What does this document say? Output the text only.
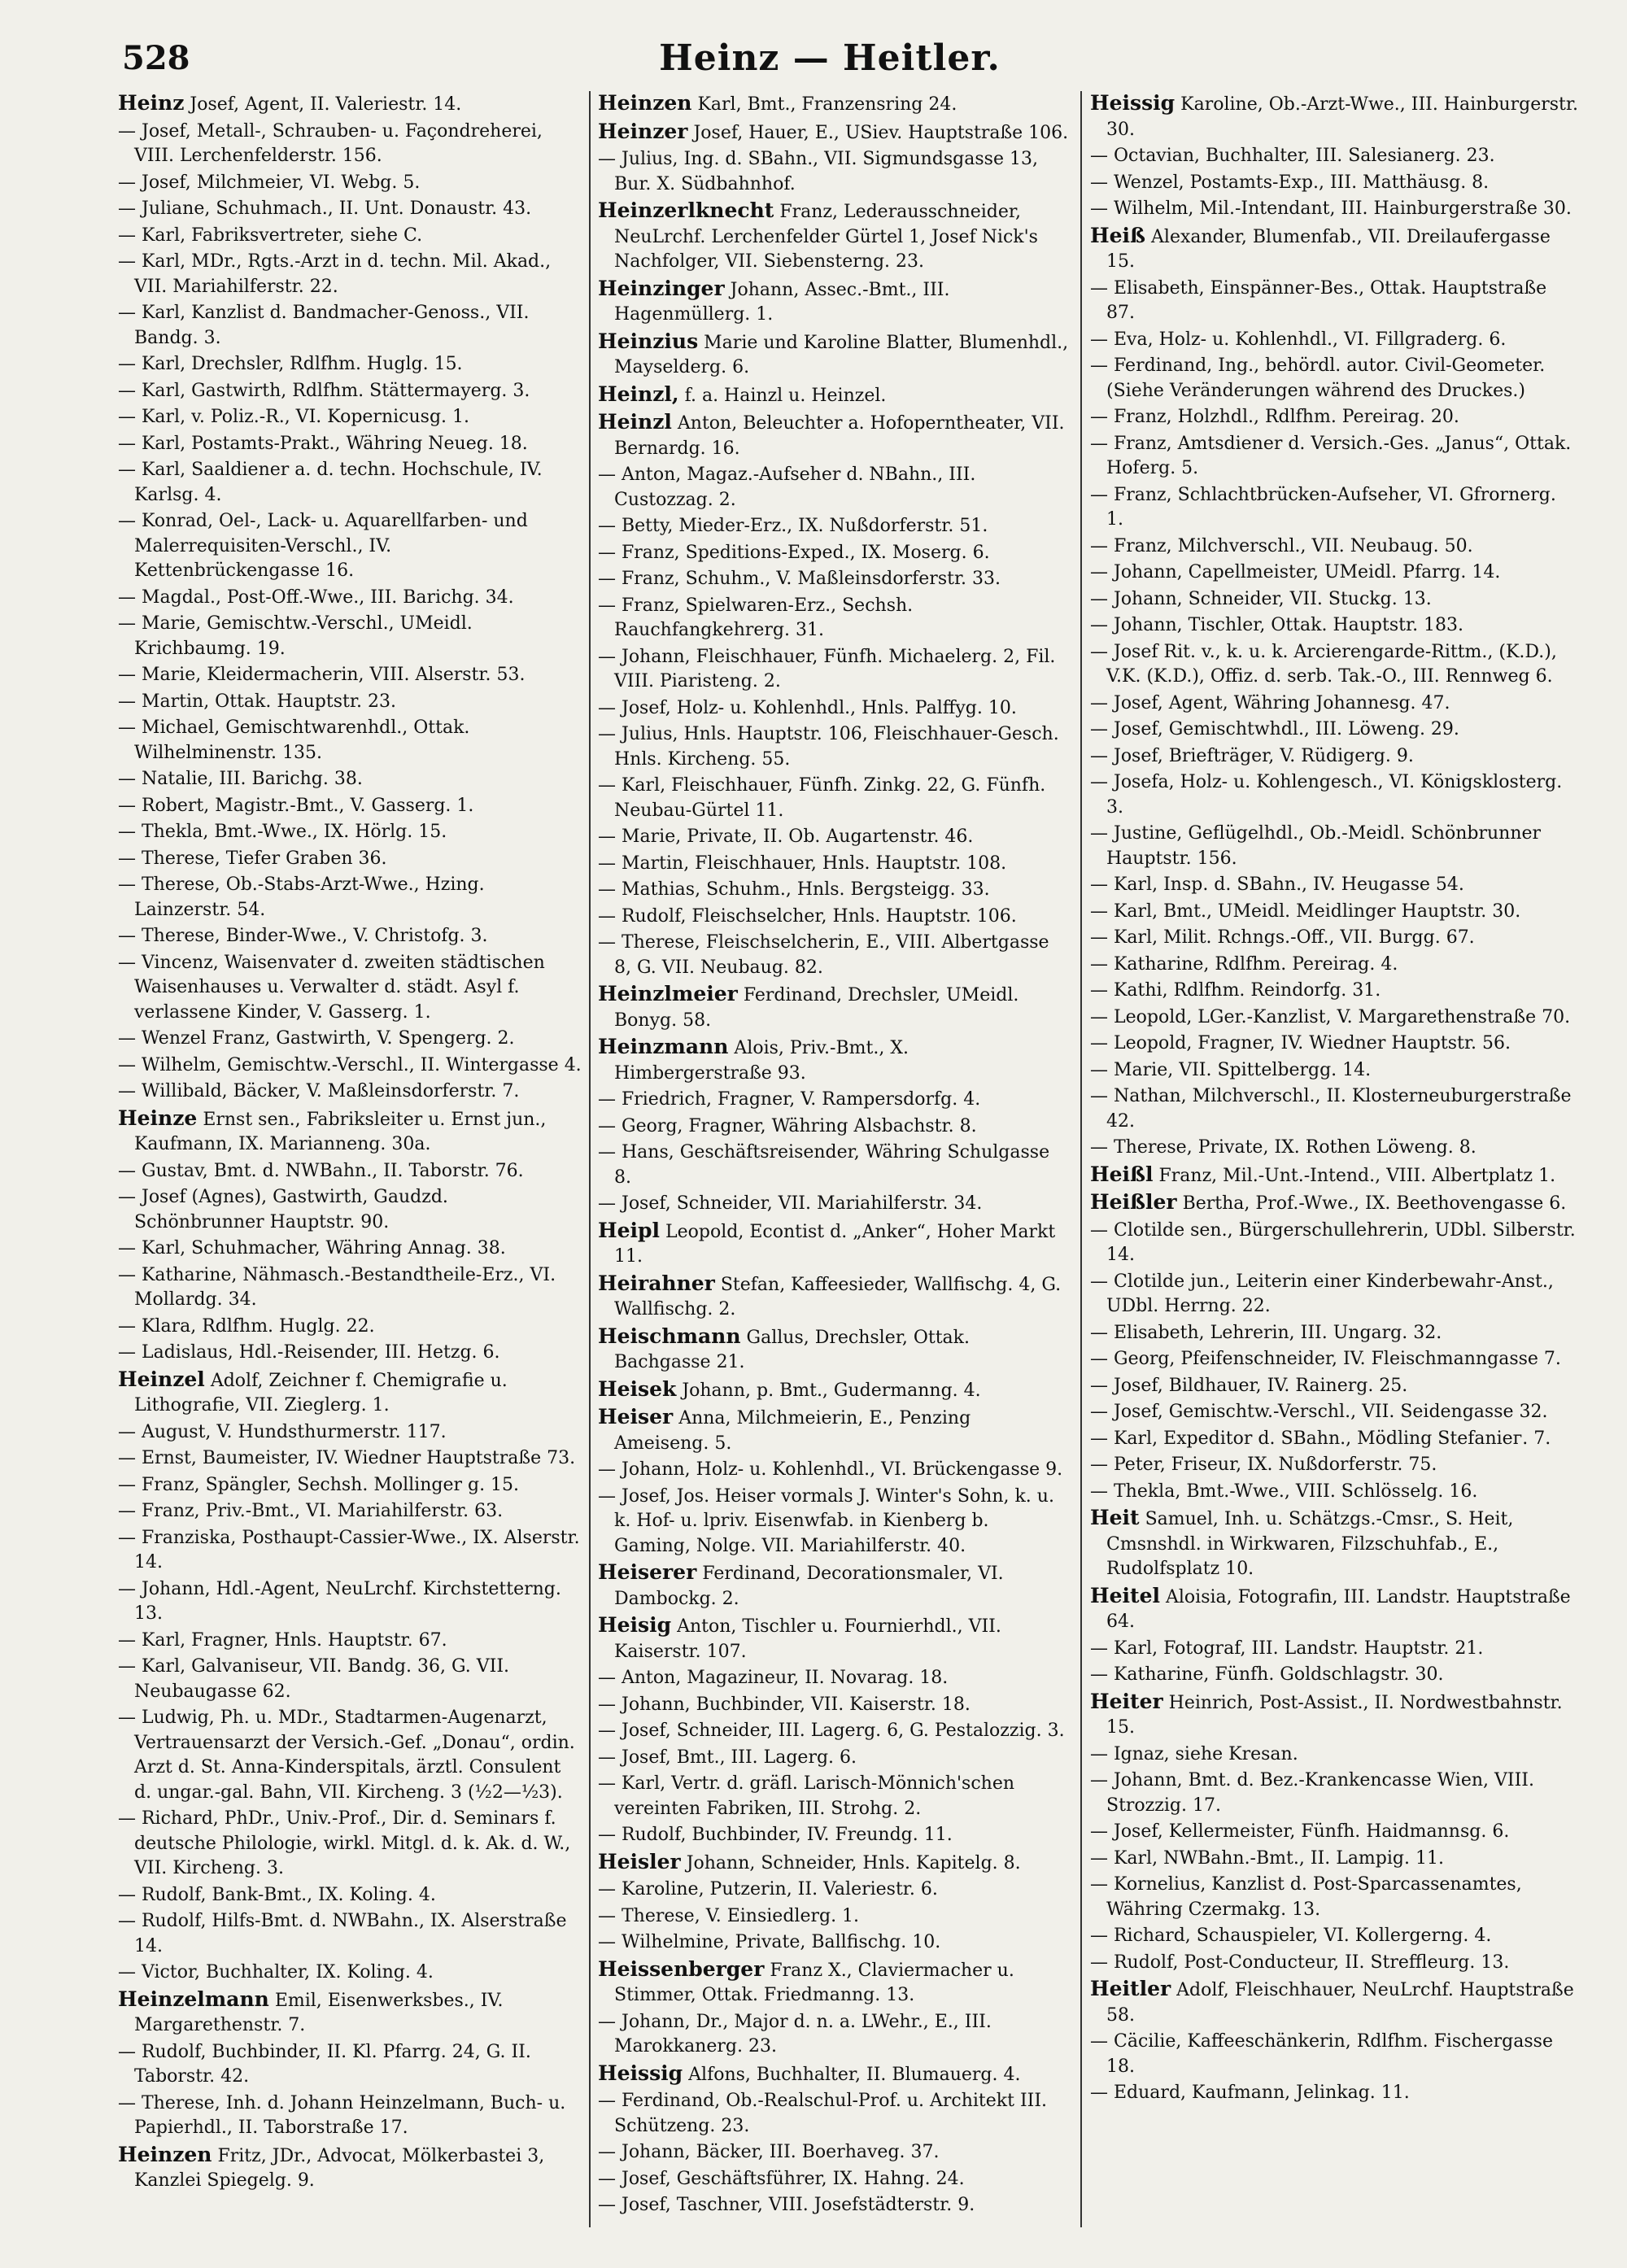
528	Heinz — Heitler.
Heinz Josef, Agent, II. Valeriestr. 14.
— Josef, Metall-, Schrauben- u. Façondreherei, VIII. Lerchenfelderstr. 156.
— Josef, Milchmeier, VI. Webg. 5.
— Juliane, Schuhmach., II. Unt. Donaustr. 43.
— Karl, Fabriksvertreter, siehe C.
— Karl, MDr., Rgts.-Arzt in d. techn. Mil. Akad., VII. Mariahilferstr. 22.
— Karl, Kanzlist d. Bandmacher-Genoss., VII. Bandg. 3.
— Karl, Drechsler, Rdlfhm. Huglg. 15.
— Karl, Gastwirth, Rdlfhm. Stättermayerg. 3.
— Karl, v. Poliz.-R., VI. Kopernicusg. 1.
— Karl, Postamts-Prakt., Währing Neueg. 18.
— Karl, Saaldiener a. d. techn. Hochschule, IV. Karlsg. 4.
— Konrad, Oel-, Lack- u. Aquarellfarben- und Malerrequisiten-Verschl., IV. Kettenbrückengasse 16.
— Magdal., Post-Off.-Wwe., III. Barichg. 34.
— Marie, Gemischtw.-Verschl., UMeidl. Krichbaumg. 19.
— Marie, Kleidermacherin, VIII. Alserstr. 53.
— Martin, Ottak. Hauptstr. 23.
— Michael, Gemischtwarenhdl., Ottak. Wilhelminenstr. 135.
— Natalie, III. Barichg. 38.
— Robert, Magistr.-Bmt., V. Gasserg. 1.
— Thekla, Bmt.-Wwe., IX. Hörlg. 15.
— Therese, Tiefer Graben 36.
— Therese, Ob.-Stabs-Arzt-Wwe., Hzing. Lainzerstr. 54.
— Therese, Binder-Wwe., V. Christofg. 3.
— Vincenz, Waisenvater d. zweiten städtischen Waisenhauses u. Verwalter d. städt. Asyl f. verlassene Kinder, V. Gasserg. 1.
— Wenzel Franz, Gastwirth, V. Spengerg. 2.
— Wilhelm, Gemischtw.-Verschl., II. Wintergasse 4.
— Willibald, Bäcker, V. Maßleinsdorferstr. 7.
Heinze Ernst sen., Fabriksleiter u. Ernst jun., Kaufmann, IX. Marianneng. 30a.
— Gustav, Bmt. d. NWBahn., II. Taborstr. 76.
— Josef (Agnes), Gastwirth, Gaudzd. Schönbrunner Hauptstr. 90.
— Karl, Schuhmacher, Währing Annag. 38.
— Katharine, Nähmasch.-Bestandtheile-Erz., VI. Mollardg. 34.
— Klara, Rdlfhm. Huglg. 22.
— Ladislaus, Hdl.-Reisender, III. Hetzg. 6.
Heinzel Adolf, Zeichner f. Chemigrafie u. Lithografie, VII. Zieglerg. 1.
— August, V. Hundsthurmerstr. 117.
— Ernst, Baumeister, IV. Wiedner Hauptstraße 73.
— Franz, Spängler, Sechsh. Mollinger g. 15.
— Franz, Priv.-Bmt., VI. Mariahilferstr. 63.
— Franziska, Posthaupt-Cassier-Wwe., IX. Alserstr. 14.
— Johann, Hdl.-Agent, NeuLrchf. Kirchstetterng. 13.
— Karl, Fragner, Hnls. Hauptstr. 67.
— Karl, Galvaniseur, VII. Bandg. 36, G. VII. Neubaugasse 62.
— Ludwig, Ph. u. MDr., Stadtarmen-Augenarzt, Vertrauensarzt der Versich.-Gef. „Donau“, ordin. Arzt d. St. Anna-Kinderspitals, ärztl. Consulent d. ungar.-gal. Bahn, VII. Kircheng. 3 (½2—½3).
— Richard, PhDr., Univ.-Prof., Dir. d. Seminars f. deutsche Philologie, wirkl. Mitgl. d. k. Ak. d. W., VII. Kircheng. 3.
— Rudolf, Bank-Bmt., IX. Koling. 4.
— Rudolf, Hilfs-Bmt. d. NWBahn., IX. Alserstraße 14.
— Victor, Buchhalter, IX. Koling. 4.
Heinzelmann Emil, Eisenwerksbes., IV. Margarethenstr. 7.
— Rudolf, Buchbinder, II. Kl. Pfarrg. 24, G. II. Taborstr. 42.
— Therese, Inh. d. Johann Heinzelmann, Buch- u. Papierhdl., II. Taborstraße 17.
Heinzen Fritz, JDr., Advocat, Mölkerbastei 3, Kanzlei Spiegelg. 9.
Heinzen Karl, Bmt., Franzensring 24.
Heinzer Josef, Hauer, E., USiev. Hauptstraße 106.
— Julius, Ing. d. SBahn., VII. Sigmundsgasse 13, Bur. X. Südbahnhof.
Heinzerlknecht Franz, Lederausschneider, NeuLrchf. Lerchenfelder Gürtel 1, Josef Nick's Nachfolger, VII. Siebensterng. 23.
Heinzinger Johann, Assec.-Bmt., III. Hagenmüllerg. 1.
Heinzius Marie und Karoline Blatter, Blumenhdl., Mayselderg. 6.
Heinzl, f. a. Hainzl u. Heinzel.
Heinzl Anton, Beleuchter a. Hofoperntheater, VII. Bernardg. 16.
— Anton, Magaz.-Aufseher d. NBahn., III. Custozzag. 2.
— Betty, Mieder-Erz., IX. Nußdorferstr. 51.
— Franz, Speditions-Exped., IX. Moserg. 6.
— Franz, Schuhm., V. Maßleinsdorferstr. 33.
— Franz, Spielwaren-Erz., Sechsh. Rauchfangkehrerg. 31.
— Johann, Fleischhauer, Fünfh. Michaelerg. 2, Fil. VIII. Piaristeng. 2.
— Josef, Holz- u. Kohlenhdl., Hnls. Palffyg. 10.
— Julius, Hnls. Hauptstr. 106, Fleischhauer-Gesch. Hnls. Kircheng. 55.
— Karl, Fleischhauer, Fünfh. Zinkg. 22, G. Fünfh. Neubau-Gürtel 11.
— Marie, Private, II. Ob. Augartenstr. 46.
— Martin, Fleischhauer, Hnls. Hauptstr. 108.
— Mathias, Schuhm., Hnls. Bergsteigg. 33.
— Rudolf, Fleischselcher, Hnls. Hauptstr. 106.
— Therese, Fleischselcherin, E., VIII. Albertgasse 8, G. VII. Neubaug. 82.
Heinzlmeier Ferdinand, Drechsler, UMeidl. Bonyg. 58.
Heinzmann Alois, Priv.-Bmt., X. Himbergerstraße 93.
— Friedrich, Fragner, V. Rampersdorfg. 4.
— Georg, Fragner, Währing Alsbachstr. 8.
— Hans, Geschäftsreisender, Währing Schulgasse 8.
— Josef, Schneider, VII. Mariahilferstr. 34.
Heipl Leopold, Econtist d. „Anker“, Hoher Markt 11.
Heirahner Stefan, Kaffeesieder, Wallfischg. 4, G. Wallfischg. 2.
Heischmann Gallus, Drechsler, Ottak. Bachgasse 21.
Heisek Johann, p. Bmt., Gudermanng. 4.
Heiser Anna, Milchmeierin, E., Penzing Ameiseng. 5.
— Johann, Holz- u. Kohlenhdl., VI. Brückengasse 9.
— Josef, Jos. Heiser vormals J. Winter's Sohn, k. u. k. Hof- u. lpriv. Eisenwfab. in Kienberg b. Gaming, Nolge. VII. Mariahilferstr. 40.
Heiserer Ferdinand, Decorationsmaler, VI. Dambockg. 2.
Heisig Anton, Tischler u. Fournierhdl., VII. Kaiserstr. 107.
— Anton, Magazineur, II. Novarag. 18.
— Johann, Buchbinder, VII. Kaiserstr. 18.
— Josef, Schneider, III. Lagerg. 6, G. Pestalozzig. 3.
— Josef, Bmt., III. Lagerg. 6.
— Karl, Vertr. d. gräfl. Larisch-Mönnich'schen vereinten Fabriken, III. Strohg. 2.
— Rudolf, Buchbinder, IV. Freundg. 11.
Heisler Johann, Schneider, Hnls. Kapitelg. 8.
— Karoline, Putzerin, II. Valeriestr. 6.
— Therese, V. Einsiedlerg. 1.
— Wilhelmine, Private, Ballfischg. 10.
Heissenberger Franz X., Claviermacher u. Stimmer, Ottak. Friedmanng. 13.
— Johann, Dr., Major d. n. a. LWehr., E., III. Marokkanerg. 23.
Heissig Alfons, Buchhalter, II. Blumauerg. 4.
— Ferdinand, Ob.-Realschul-Prof. u. Architekt III. Schützeng. 23.
— Johann, Bäcker, III. Boerhaveg. 37.
— Josef, Geschäftsführer, IX. Hahng. 24.
— Josef, Taschner, VIII. Josefstädterstr. 9.
Heissig Karoline, Ob.-Arzt-Wwe., III. Hainburgerstr. 30.
— Octavian, Buchhalter, III. Salesianerg. 23.
— Wenzel, Postamts-Exp., III. Matthäusg. 8.
— Wilhelm, Mil.-Intendant, III. Hainburgerstraße 30.
Heiß Alexander, Blumenfab., VII. Dreilaufergasse 15.
— Elisabeth, Einspänner-Bes., Ottak. Hauptstraße 87.
— Eva, Holz- u. Kohlenhdl., VI. Fillgraderg. 6.
— Ferdinand, Ing., behördl. autor. Civil-Geometer. (Siehe Veränderungen während des Druckes.)
— Franz, Holzhdl., Rdlfhm. Pereirag. 20.
— Franz, Amtsdiener d. Versich.-Ges. „Janus“, Ottak. Hoferg. 5.
— Franz, Schlachtbrücken-Aufseher, VI. Gfrornerg. 1.
— Franz, Milchverschl., VII. Neubaug. 50.
— Johann, Capellmeister, UMeidl. Pfarrg. 14.
— Johann, Schneider, VII. Stuckg. 13.
— Johann, Tischler, Ottak. Hauptstr. 183.
— Josef Rit. v., k. u. k. Arcierengarde-Rittm., (K.D.), V.K. (K.D.), Offiz. d. serb. Tak.-O., III. Rennweg 6.
— Josef, Agent, Währing Johannesg. 47.
— Josef, Gemischtwhdl., III. Löweng. 29.
— Josef, Briefträger, V. Rüdigerg. 9.
— Josefa, Holz- u. Kohlengesch., VI. Königsklosterg. 3.
— Justine, Geflügelhdl., Ob.-Meidl. Schönbrunner Hauptstr. 156.
— Karl, Insp. d. SBahn., IV. Heugasse 54.
— Karl, Bmt., UMeidl. Meidlinger Hauptstr. 30.
— Karl, Milit. Rchngs.-Off., VII. Burgg. 67.
— Katharine, Rdlfhm. Pereirag. 4.
— Kathi, Rdlfhm. Reindorfg. 31.
— Leopold, LGer.-Kanzlist, V. Margarethenstraße 70.
— Leopold, Fragner, IV. Wiedner Hauptstr. 56.
— Marie, VII. Spittelbergg. 14.
— Nathan, Milchverschl., II. Klosterneuburgerstraße 42.
— Therese, Private, IX. Rothen Löweng. 8.
Heißl Franz, Mil.-Unt.-Intend., VIII. Albertplatz 1.
Heißler Bertha, Prof.-Wwe., IX. Beethovengasse 6.
— Clotilde sen., Bürgerschullehrerin, UDbl. Silberstr. 14.
— Clotilde jun., Leiterin einer Kinderbewahr-Anst., UDbl. Herrng. 22.
— Elisabeth, Lehrerin, III. Ungarg. 32.
— Georg, Pfeifenschneider, IV. Fleischmanngasse 7.
— Josef, Bildhauer, IV. Rainerg. 25.
— Josef, Gemischtw.-Verschl., VII. Seidengasse 32.
— Karl, Expeditor d. SBahn., Mödling Stefaniег. 7.
— Peter, Friseur, IX. Nußdorferstr. 75.
— Thekla, Bmt.-Wwe., VIII. Schlösselg. 16.
Heit Samuel, Inh. u. Schätzgs.-Cmsr., S. Heit, Cmsnshdl. in Wirkwaren, Filzschuhfab., E., Rudolfsplatz 10.
Heitel Aloisia, Fotografin, III. Landstr. Hauptstraße 64.
— Karl, Fotograf, III. Landstr. Hauptstr. 21.
— Katharine, Fünfh. Goldschlagstr. 30.
Heiter Heinrich, Post-Assist., II. Nordwestbahnstr. 15.
— Ignaz, siehe Kresan.
— Johann, Bmt. d. Bez.-Krankencasse Wien, VIII. Strozzig. 17.
— Josef, Kellermeister, Fünfh. Haidmannsg. 6.
— Karl, NWBahn.-Bmt., II. Lampig. 11.
— Kornelius, Kanzlist d. Post-Sparcassenamtes, Währing Czermakg. 13.
— Richard, Schauspieler, VI. Kollergerng. 4.
— Rudolf, Post-Conducteur, II. Streffleurg. 13.
Heitler Adolf, Fleischhauer, NeuLrchf. Hauptstraße 58.
— Cäcilie, Kaffeeschänkerin, Rdlfhm. Fischergasse 18.
— Eduard, Kaufmann, Jelinkag. 11.
